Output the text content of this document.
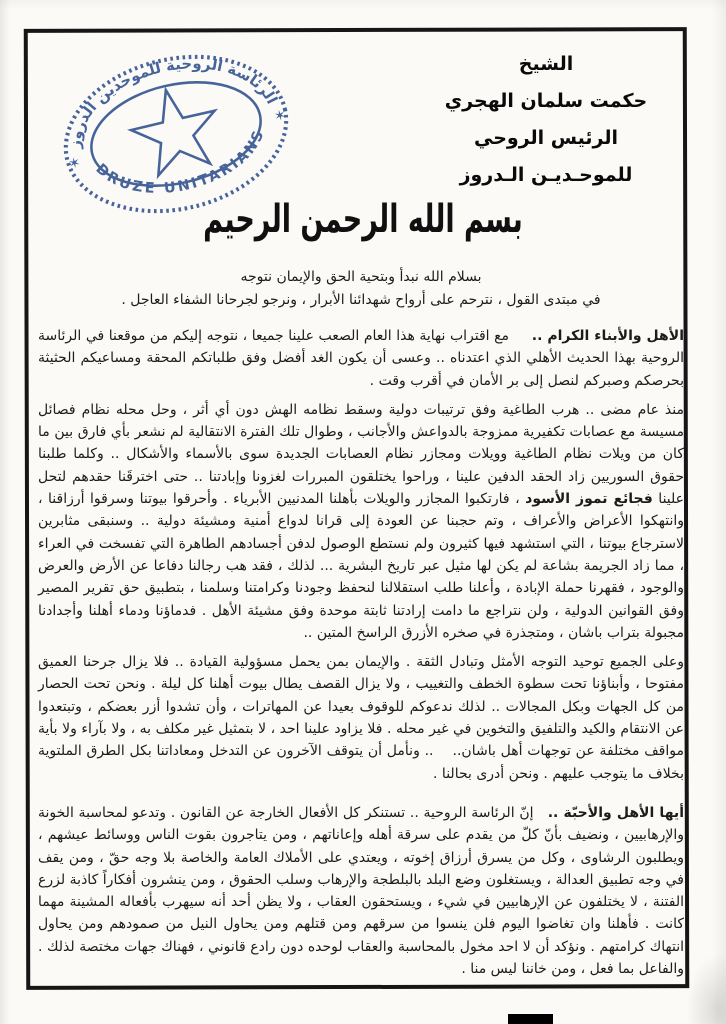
الرئاسة الروحية للموحدين الدروز
DRUZE UNITARIANS
✶
✶
الشيخ
حكمت سلمان الهجري
الرئيس الروحي
للموحـديـن الـدروز
بسم الله الرحمن الرحيم
بسلام الله نبدأ وبتحية الحق والإيمان نتوجه
في مبتدى القول ، نترحم على أرواح شهدائنا الأبرار ، ونرجو لجرحانا الشفاء العاجل .

الأهل والأبناء الكرام ..     مع اقتراب نهاية هذا العام الصعب علينا جميعا ، نتوجه إليكم من موقعنا في الرئاسة الروحية بهذا الحديث الأهلي الذي اعتدناه .. وعسى أن يكون الغد أفضل وفق طلباتكم المحقة ومساعيكم الحثيثة بحرصكم وصبركم لنصل إلى بر الأمان في أقرب وقت .

منذ عام مضى .. هرب الطاغية وفق ترتيبات دولية وسقط نظامه الهش دون أي أثر ، وحل محله نظام فصائل مسيسة مع عصابات تكفيرية ممزوجة بالدواعش والأجانب ، وطوال تلك الفترة الانتقالية لم نشعر بأي فارق بين ما كان من ويلات نظام الطاغية وويلات ومجازر نظام العصابات الجديدة سوى بالأسماء والأشكال .. وكلما طلبنا حقوق السوريين زاد الحقد الدفين علينا ، وراحوا يختلقون المبررات لغزونا وإبادتنا .. حتى اخترقَنا حقدهم لتحل علينا فجائع تموز الأسود ، فارتكبوا المجازر والويلات بأهلنا المدنيين الأبرياء . وأحرقوا بيوتنا وسرقوا أرزاقنا ، وانتهكوا الأعراض والأعراف ، وتم حجبنا عن العودة إلى قرانا لدواع أمنية ومشيئة دولية .. وسنبقى مثابرين لاسترجاع بيوتنا ، التي استشهد فيها كثيرون ولم نستطع الوصول لدفن أجسادهم الطاهرة التي تفسخت في العراء ، مما زاد الجريمة بشاعة لم يكن لها مثيل عبر تاريخ البشرية ... لذلك ، فقد هب رجالنا دفاعا عن الأرض والعرض والوجود ، فقهرنا حملة الإبادة ، وأعلنا طلب استقلالنا لنحفظ وجودنا وكرامتنا وسلمنا ، بتطبيق حق تقرير المصير وفق القوانين الدولية ، ولن نتراجع ما دامت إرادتنا ثابتة موحدة وفق مشيئة الأهل . فدماؤنا ودماء أهلنا وأجدادنا مجبولة بتراب باشان ، ومتجذرة في صخره الأزرق الراسخ المتين ..

وعلى الجميع توحيد التوجه الأمثل وتبادل الثقة . والإيمان بمن يحمل مسؤولية القيادة .. فلا يزال جرحنا العميق مفتوحا ، وأبناؤنا تحت سطوة الخطف والتغييب ، ولا يزال القصف يطال بيوت أهلنا كل ليلة . ونحن تحت الحصار من كل الجهات وبكل المجالات .. لذلك ندعوكم للوقوف بعيدا عن المهاترات ، وأن تشدوا أزر بعضكم ، وتبتعدوا عن الانتقام والكيد والتلفيق والتخوين في غير محله . فلا يزاود علينا احد ، لا بتمثيل غير مكلف به ، ولا بآراء ولا بأية مواقف مختلفة عن توجهات أهل باشان..    .. ونأمل أن يتوقف الآخرون عن التدخل ومعاداتنا بكل الطرق الملتوية بخلاف ما يتوجب عليهم . ونحن أدرى بحالنا .

أيها الأهل والأحبّة ..   إنّ الرئاسة الروحية .. تستنكر كل الأفعال الخارجة عن القانون . وتدعو لمحاسبة الخونة والإرهابيين ، ونضيف بأنّ كلّ من يقدم على سرقة أهله وإعاناتهم ، ومن يتاجرون بقوت الناس ووسائط عيشهم ، ويطلبون الرشاوى ، وكل من يسرق أرزاق إخوته ، ويعتدي على الأملاك العامة والخاصة بلا وجه حقّ ، ومن يقف في وجه تطبيق العدالة ، ويستغلون وضع البلد بالبلطجة والإرهاب وسلب الحقوق ، ومن ينشرون أفكاراً كاذبة لزرع الفتنة ، لا يختلفون عن الإرهابيين في شيء ، ويستحقون العقاب ، ولا يظن أحد أنه سيهرب بأفعاله المشينة مهما كانت . فأهلنا وان تغاضوا اليوم فلن ينسوا من سرقهم ومن قتلهم ومن يحاول النيل من صمودهم ومن يحاول انتهاك كرامتهم . ونؤكد أن لا احد مخول بالمحاسبة والعقاب لوحده دون رادع قانوني ، فهناك جهات مختصة لذلك . والفاعل بما فعل ، ومن خاننا ليس منا .
